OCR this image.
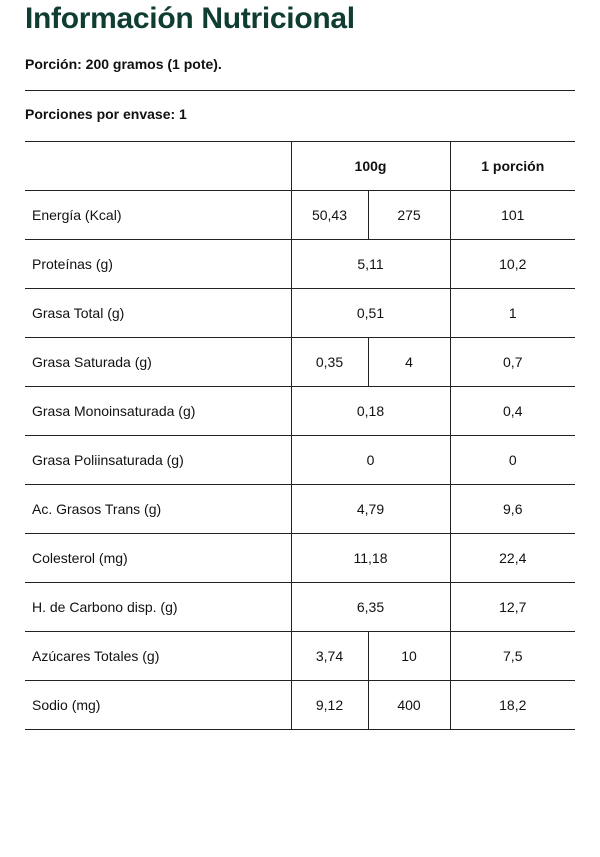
Información Nutricional
Porción: 200 gramos (1 pote).
Porciones por envase: 1
	100g		1 porción
Energía (Kcal)	50,43	275	101
Proteínas (g)	5,11		10,2
Grasa Total (g)	0,51		1
Grasa Saturada (g)	0,35	4	0,7
Grasa Monoinsaturada (g)	0,18		0,4
Grasa Poliinsaturada (g)	0		0
Ac. Grasos Trans (g)	4,79		9,6
Colesterol (mg)	11,18		22,4
H. de Carbono disp. (g)	6,35		12,7
Azúcares Totales (g)	3,74	10	7,5
Sodio (mg)	9,12	400	18,2
